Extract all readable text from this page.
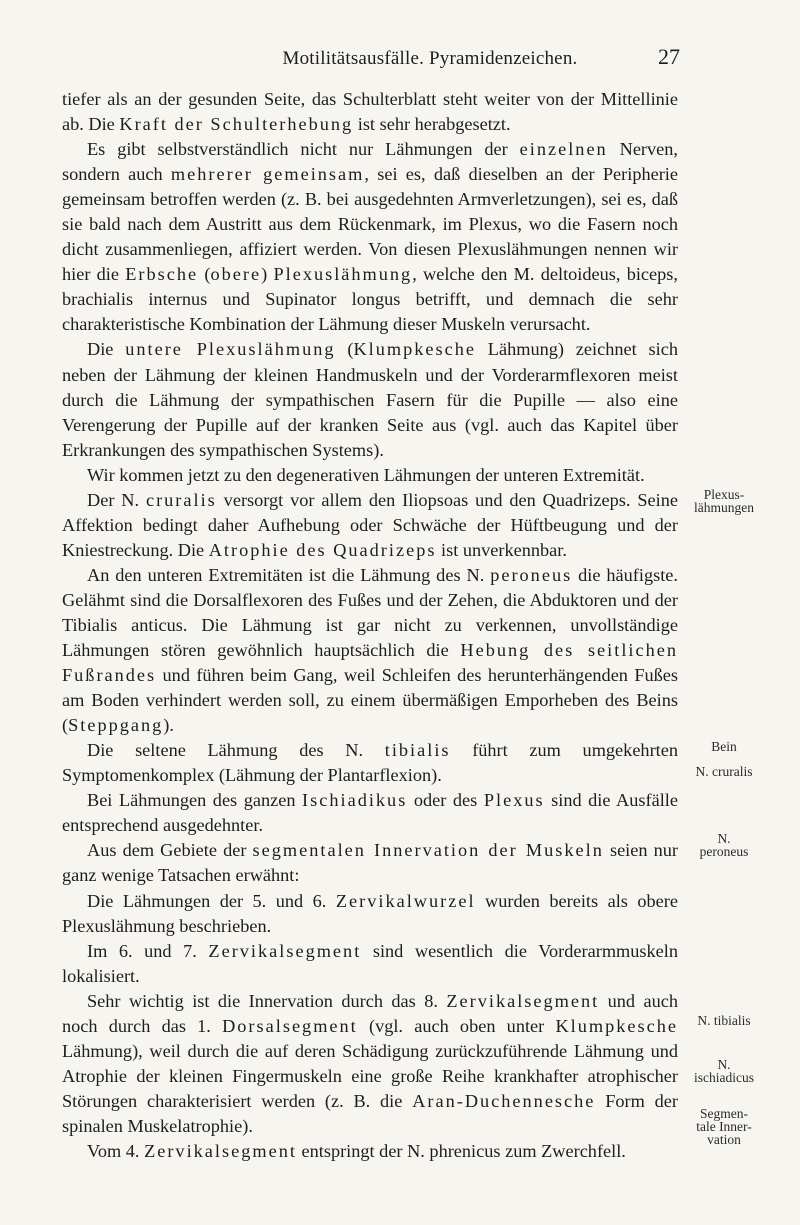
Motilitätsausfälle. Pyramidenzeichen.	27

tiefer als an der gesunden Seite, das Schulterblatt steht weiter von der Mittellinie ab. Die Kraft der Schulterhebung ist sehr herabgesetzt.

Es gibt selbstverständlich nicht nur Lähmungen der einzelnen Nerven, sondern auch mehrerer gemeinsam, sei es, daß dieselben an der Peripherie gemeinsam betroffen werden (z. B. bei ausgedehnten Armverletzungen), sei es, daß sie bald nach dem Austritt aus dem Rückenmark, im Plexus, wo die Fasern noch dicht zusammenliegen, affiziert werden. Von diesen Plexuslähmungen nennen wir hier die Erbsche (obere) Plexuslähmung, welche den M. deltoideus, biceps, brachialis internus und Supinator longus betrifft, und demnach die sehr charakteristische Kombination der Lähmung dieser Muskeln verursacht.

Die untere Plexuslähmung (Klumpkesche Lähmung) zeichnet sich neben der Lähmung der kleinen Handmuskeln und der Vorderarmflexoren meist durch die Lähmung der sympathischen Fasern für die Pupille — also eine Verengerung der Pupille auf der kranken Seite aus (vgl. auch das Kapitel über Erkrankungen des sympathischen Systems).

Wir kommen jetzt zu den degenerativen Lähmungen der unteren Extremität.

Der N. cruralis versorgt vor allem den Iliopsoas und den Quadrizeps. Seine Affektion bedingt daher Aufhebung oder Schwäche der Hüftbeugung und der Kniestreckung. Die Atrophie des Quadrizeps ist unverkennbar.

An den unteren Extremitäten ist die Lähmung des N. peroneus die häufigste. Gelähmt sind die Dorsalflexoren des Fußes und der Zehen, die Abduktoren und der Tibialis anticus. Die Lähmung ist gar nicht zu verkennen, unvollständige Lähmungen stören gewöhnlich hauptsächlich die Hebung des seitlichen Fußrandes und führen beim Gang, weil Schleifen des herunterhängenden Fußes am Boden verhindert werden soll, zu einem übermäßigen Emporheben des Beins (Steppgang).

Die seltene Lähmung des N. tibialis führt zum umgekehrten Symptomenkomplex (Lähmung der Plantarflexion).

Bei Lähmungen des ganzen Ischiadikus oder des Plexus sind die Ausfälle entsprechend ausgedehnter.

Aus dem Gebiete der segmentalen Innervation der Muskeln seien nur ganz wenige Tatsachen erwähnt:

Die Lähmungen der 5. und 6. Zervikalwurzel wurden bereits als obere Plexuslähmung beschrieben.

Im 6. und 7. Zervikalsegment sind wesentlich die Vorderarmmuskeln lokalisiert.

Sehr wichtig ist die Innervation durch das 8. Zervikalsegment und auch noch durch das 1. Dorsalsegment (vgl. auch oben unter Klumpkesche Lähmung), weil durch die auf deren Schädigung zurückzuführende Lähmung und Atrophie der kleinen Fingermuskeln eine große Reihe krankhafter atrophischer Störungen charakterisiert werden (z. B. die Aran-Duchennesche Form der spinalen Muskelatrophie).

Vom 4. Zervikalsegment entspringt der N. phrenicus zum Zwerchfell.

Plexus-
lähmungen
Bein
N. cruralis
N.
peroneus
N. tibialis
N.
ischiadicus
Segmen-
tale Inner-
vation
